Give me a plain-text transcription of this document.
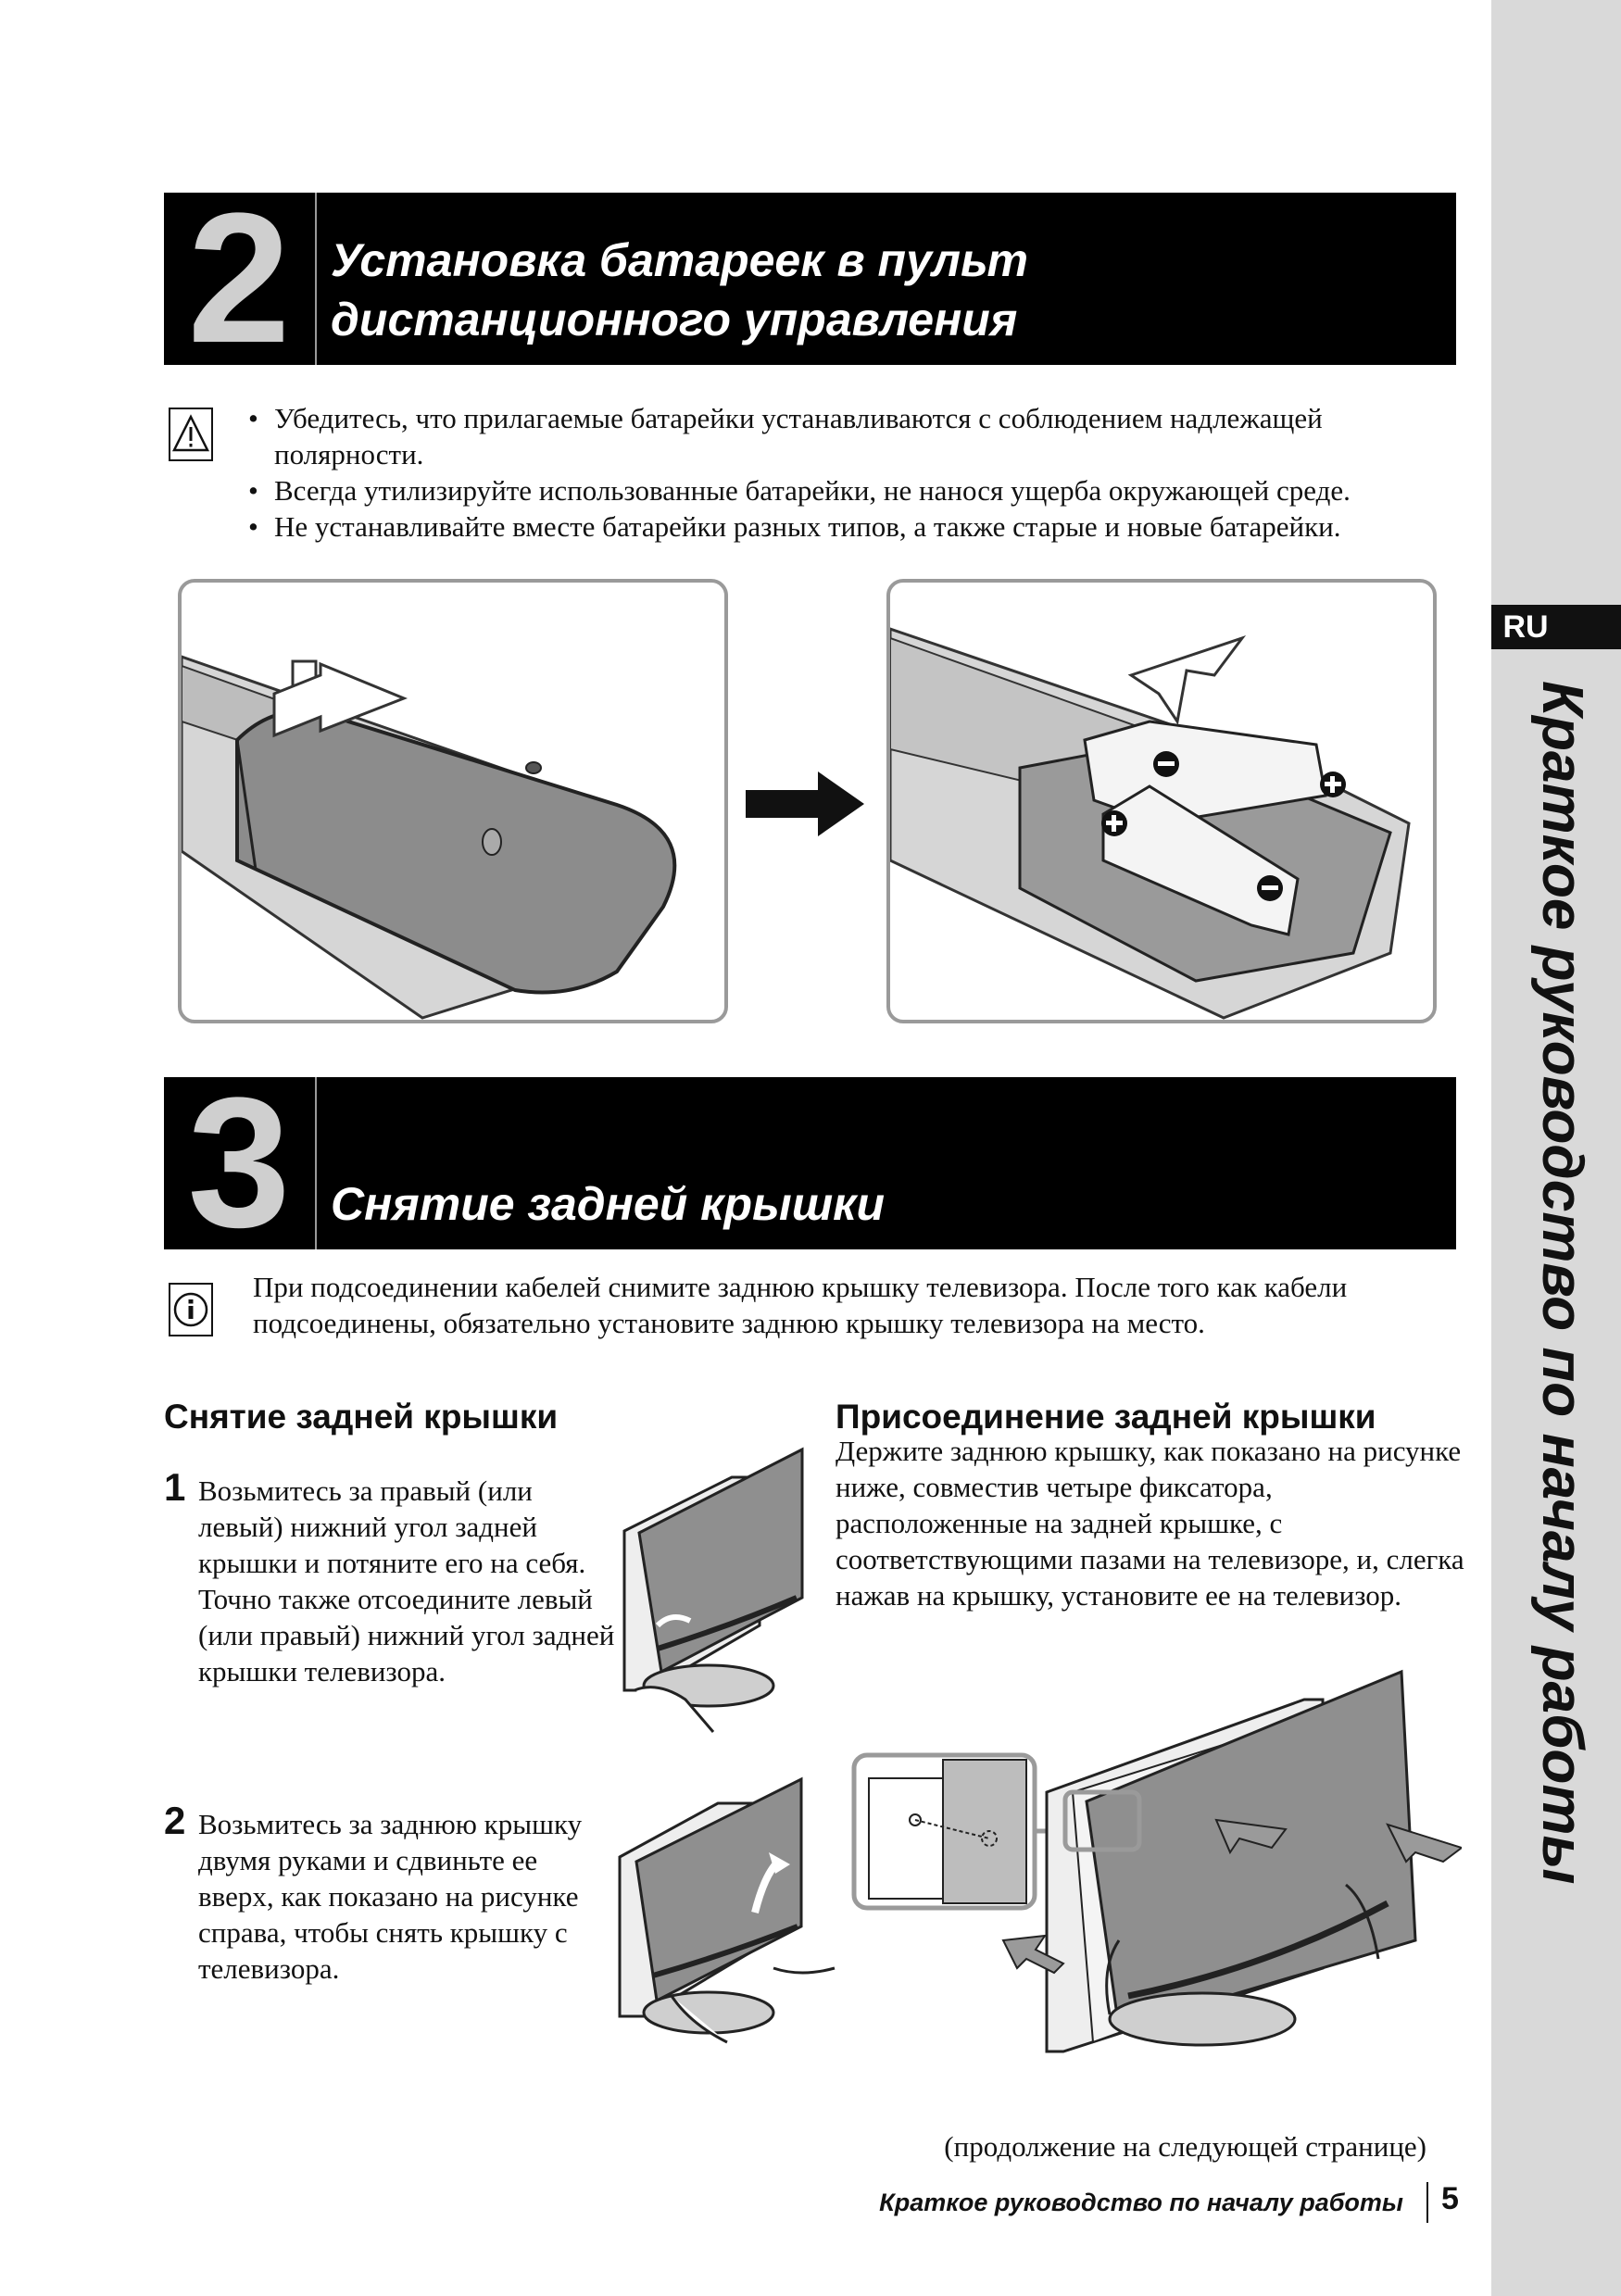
RU
Краткое руководство по началу работы
2 Установка батареек в пульт
дистанционного управления
• Убедитесь, что прилагаемые батарейки устанавливаются с соблюдением надлежащей полярности.
• Всегда утилизируйте использованные батарейки, не нанося ущерба окружающей среде.
• Не устанавливайте вместе батарейки разных типов, а также старые и новые батарейки.
3 Снятие задней крышки
При подсоединении кабелей снимите заднюю крышку телевизора. После того как кабели подсоединены, обязательно установите заднюю крышку телевизора на место.
Снятие задней крышки
1 Возьмитесь за правый (или левый) нижний угол задней крышки и потяните его на себя. Точно также отсоедините левый (или правый) нижний угол задней крышки телевизора.
2 Возьмитесь за заднюю крышку двумя руками и сдвиньте ее вверх, как показано на рисунке справа, чтобы снять крышку с телевизора.
Присоединение задней крышки
Держите заднюю крышку, как показано на рисунке ниже, совместив четыре фиксатора, расположенные на задней крышке, с соответствующими пазами на телевизоре, и, слегка нажав на крышку, установите ее на телевизор.
(продолжение на следующей странице)
Краткое руководство по началу работы 5
